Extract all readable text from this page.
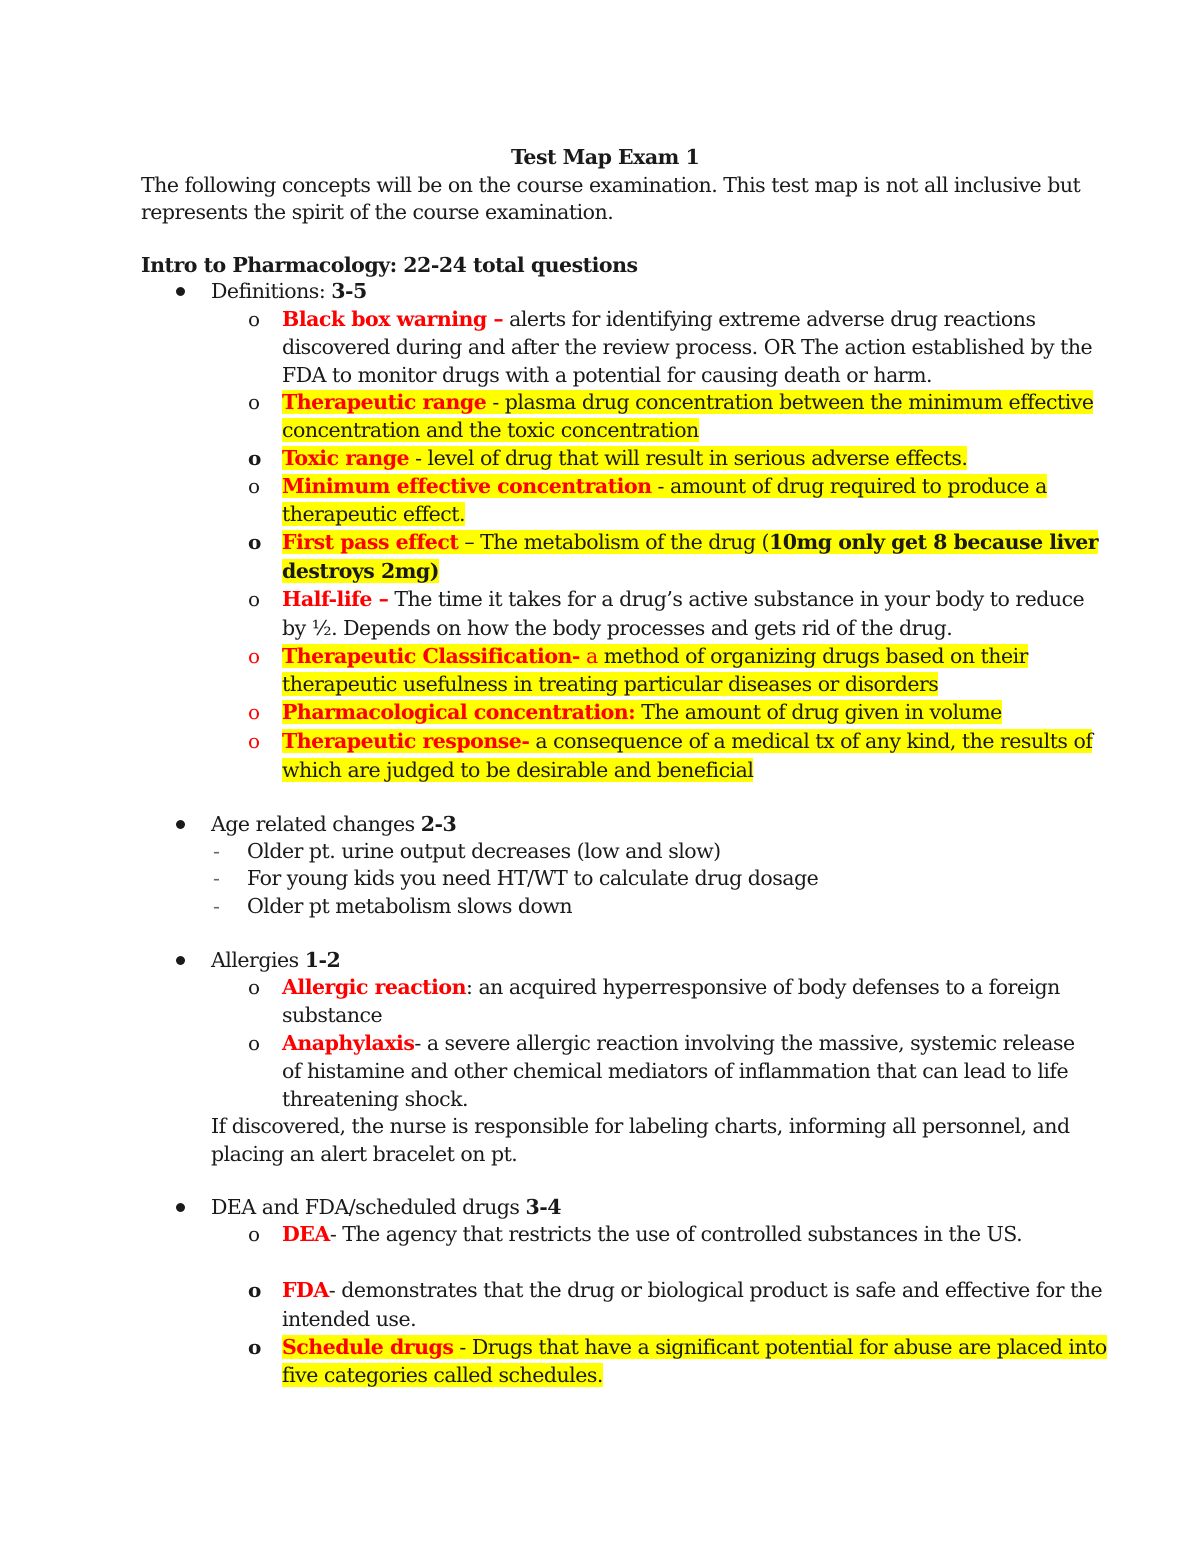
Test Map Exam 1
The following concepts will be on the course examination. This test map is not all inclusive but
represents the spirit of the course examination.
Intro to Pharmacology: 22-24 total questions
Definitions: 3-5
o Black box warning – alerts for identifying extreme adverse drug reactions
discovered during and after the review process. OR The action established by the
FDA to monitor drugs with a potential for causing death or harm.
o Therapeutic range - plasma drug concentration between the minimum effective
concentration and the toxic concentration
o Toxic range - level of drug that will result in serious adverse effects.
o Minimum effective concentration - amount of drug required to produce a
therapeutic effect.
o First pass effect – The metabolism of the drug (10mg only get 8 because liver
destroys 2mg)
o Half-life – The time it takes for a drug’s active substance in your body to reduce
by ½. Depends on how the body processes and gets rid of the drug.
o Therapeutic Classification- a method of organizing drugs based on their
therapeutic usefulness in treating particular diseases or disorders
o Pharmacological concentration: The amount of drug given in volume
o Therapeutic response- a consequence of a medical tx of any kind, the results of
which are judged to be desirable and beneficial
Age related changes 2-3
- Older pt. urine output decreases (low and slow)
- For young kids you need HT/WT to calculate drug dosage
- Older pt metabolism slows down
Allergies 1-2
o Allergic reaction: an acquired hyperresponsive of body defenses to a foreign
substance
o Anaphylaxis- a severe allergic reaction involving the massive, systemic release
of histamine and other chemical mediators of inflammation that can lead to life
threatening shock.
If discovered, the nurse is responsible for labeling charts, informing all personnel, and
placing an alert bracelet on pt.
DEA and FDA/scheduled drugs 3-4
o DEA- The agency that restricts the use of controlled substances in the US.
o FDA- demonstrates that the drug or biological product is safe and effective for the
intended use.
o Schedule drugs - Drugs that have a significant potential for abuse are placed into
five categories called schedules.
